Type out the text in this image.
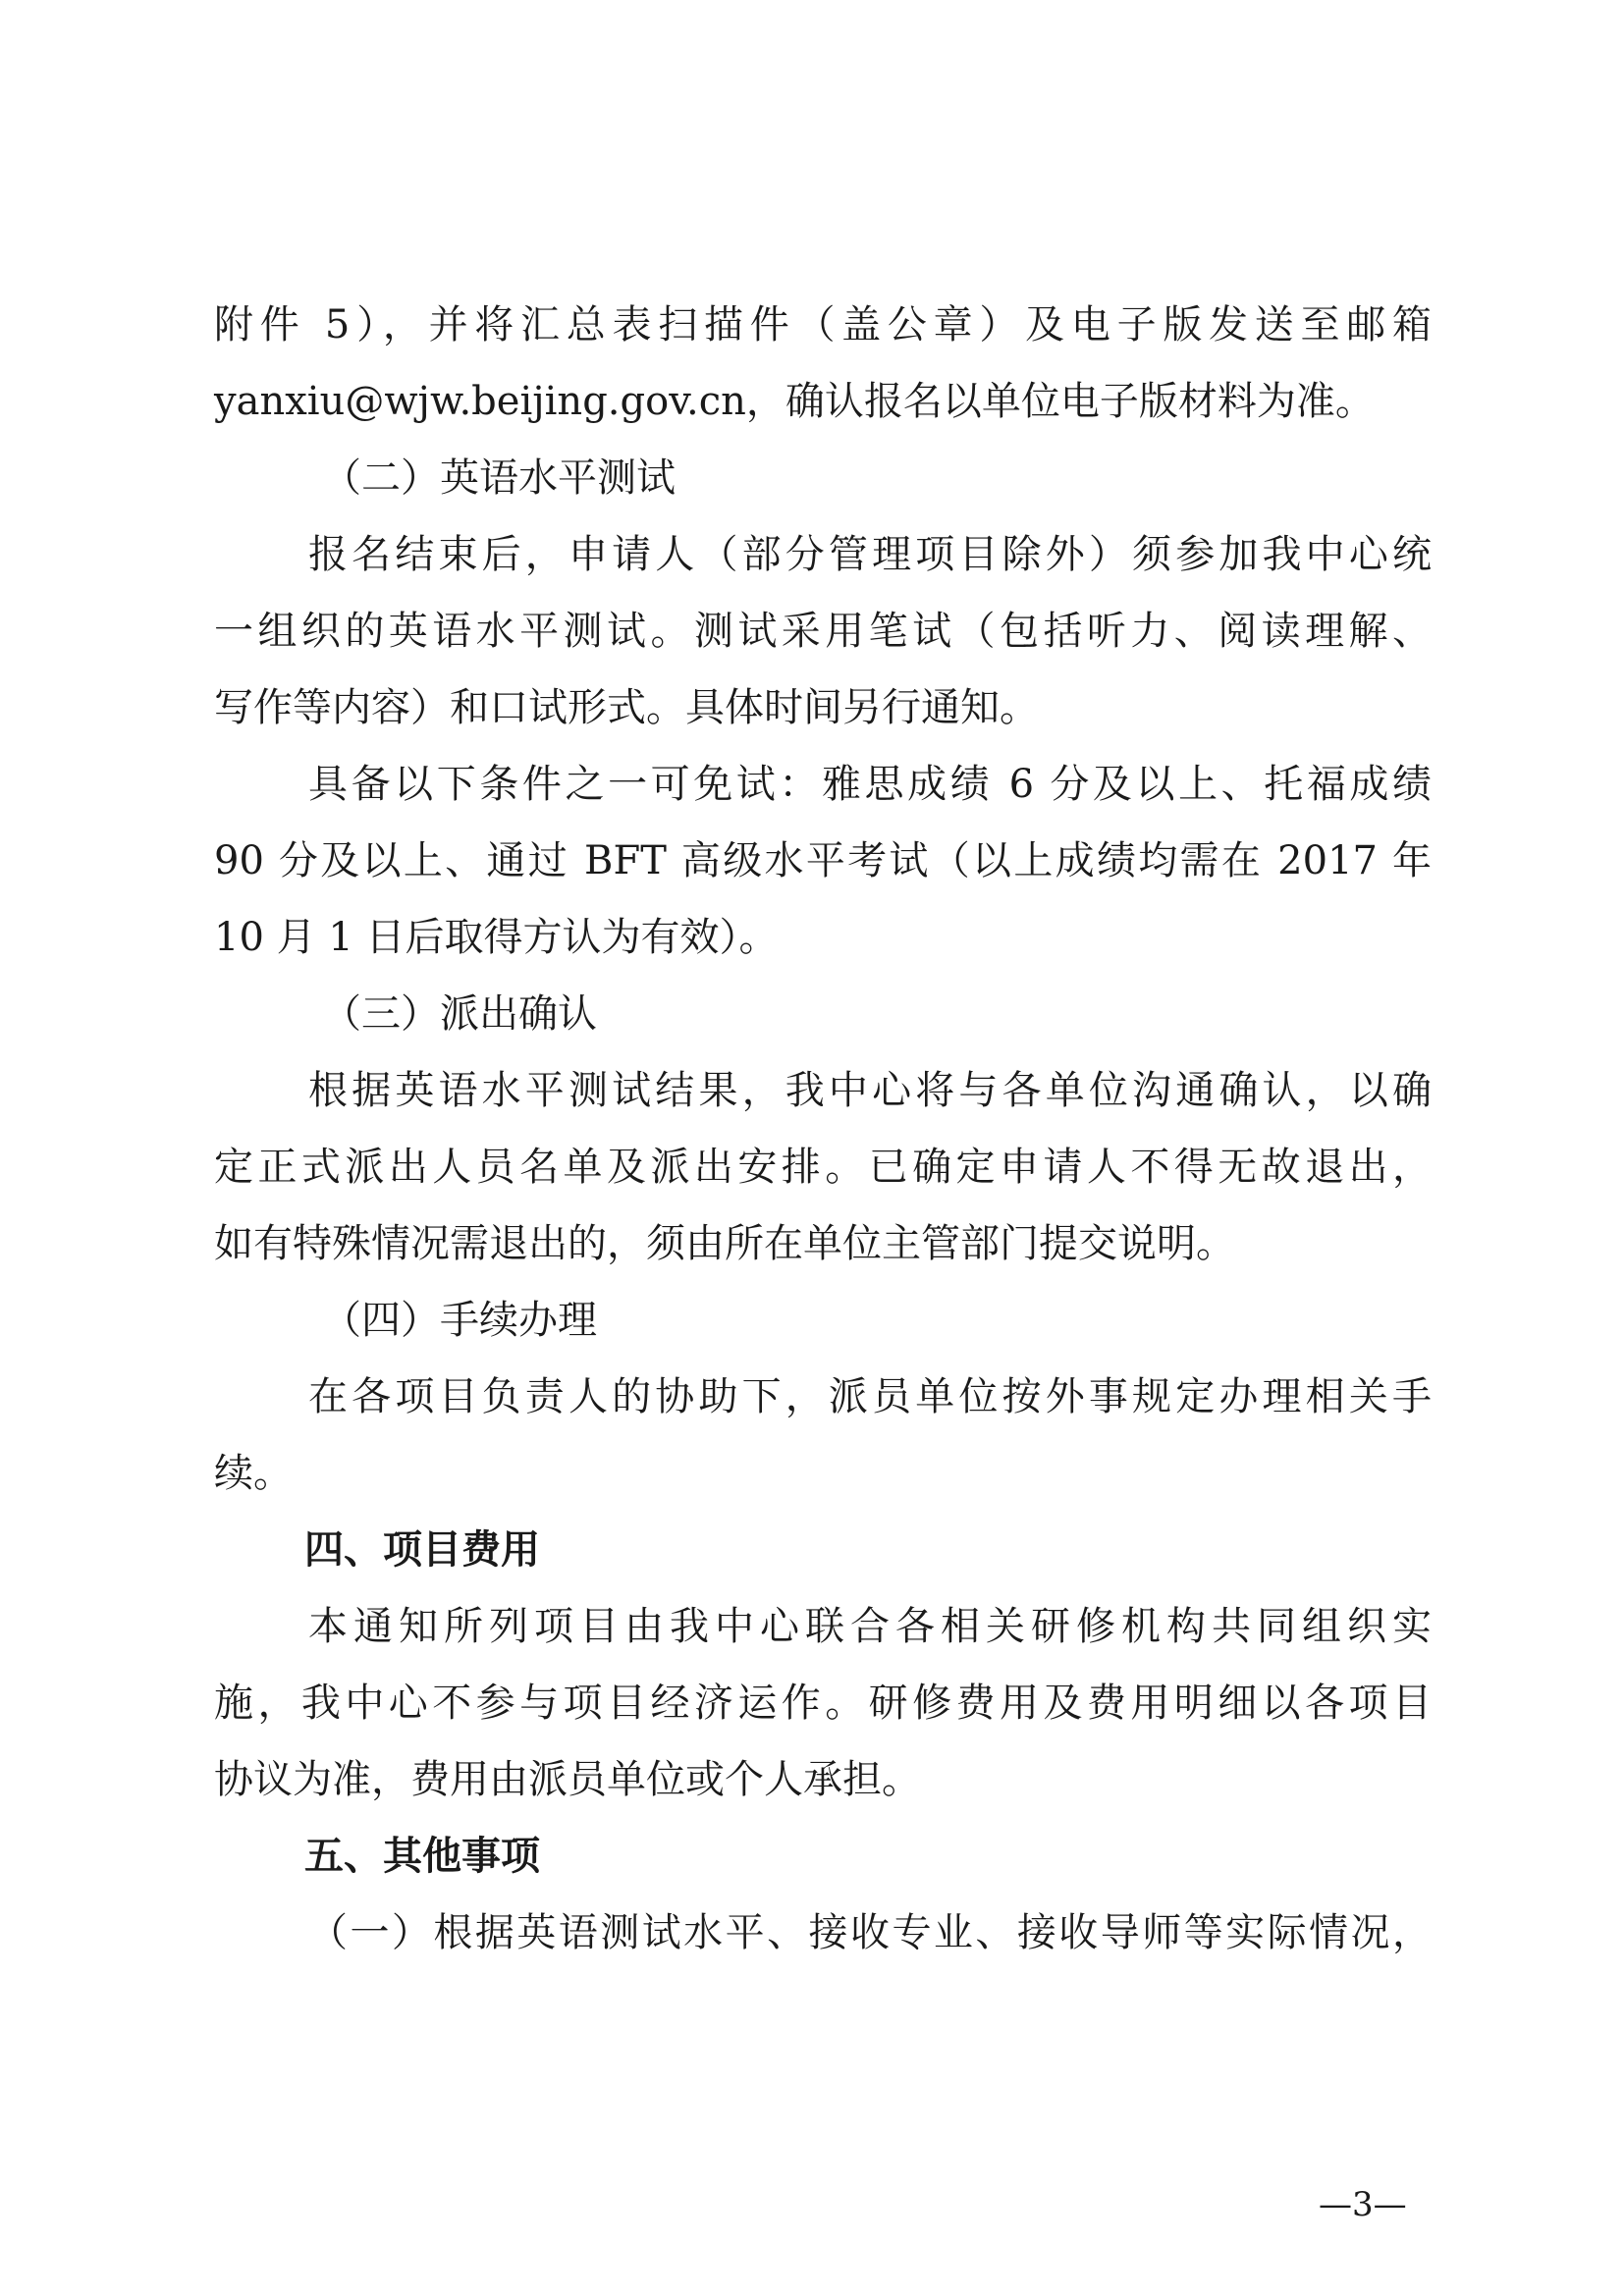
附件 5），并将汇总表扫描件（盖公章）及电子版发送至邮箱
yanxiu@wjw.beijing.gov.cn，确认报名以单位电子版材料为准。
（二）英语水平测试
报名结束后，申请人（部分管理项目除外）须参加我中心统
一组织的英语水平测试。测试采用笔试（包括听力、阅读理解、
写作等内容）和口试形式。具体时间另行通知。
具备以下条件之一可免试：雅思成绩 6 分及以上、托福成绩
90 分及以上、通过 BFT 高级水平考试（以上成绩均需在 2017 年
10 月 1 日后取得方认为有效）。
（三）派出确认
根据英语水平测试结果，我中心将与各单位沟通确认，以确
定正式派出人员名单及派出安排。已确定申请人不得无故退出，
如有特殊情况需退出的，须由所在单位主管部门提交说明。
（四）手续办理
在各项目负责人的协助下，派员单位按外事规定办理相关手
续。
四、项目费用
本通知所列项目由我中心联合各相关研修机构共同组织实
施，我中心不参与项目经济运作。研修费用及费用明细以各项目
协议为准，费用由派员单位或个人承担。
五、其他事项
（一）根据英语测试水平、接收专业、接收导师等实际情况，
—3—
